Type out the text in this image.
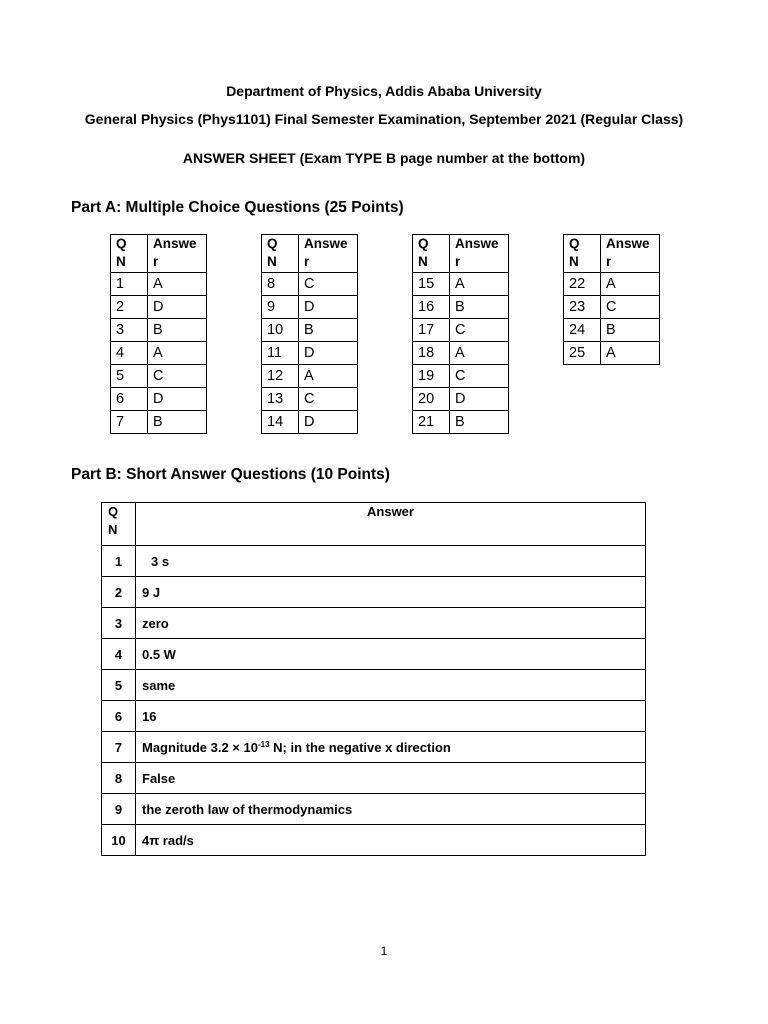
Department of Physics, Addis Ababa University
General Physics (Phys1101) Final Semester Examination, September 2021 (Regular Class)
ANSWER SHEET (Exam TYPE B page number at the bottom)
Part A: Multiple Choice Questions (25 Points)
Q
N	Answe
r
1	A
2	D
3	B
4	A
5	C
6	D
7	B
Q
N	Answe
r
8	C
9	D
10	B
11	D
12	A
13	C
14	D
Q
N	Answe
r
15	A
16	B
17	C
18	A
19	C
20	D
21	B
Q
N	Answe
r
22	A
23	C
24	B
25	A
Part B: Short Answer Questions (10 Points)
Q
N	Answer
1	3 s
2	9 J
3	zero
4	0.5 W
5	same
6	16
7	Magnitude $3.2 \times 10^{-13}$ N; in the negative x direction
8	False
9	the zeroth law of thermodynamics
10	4π rad/s
1
